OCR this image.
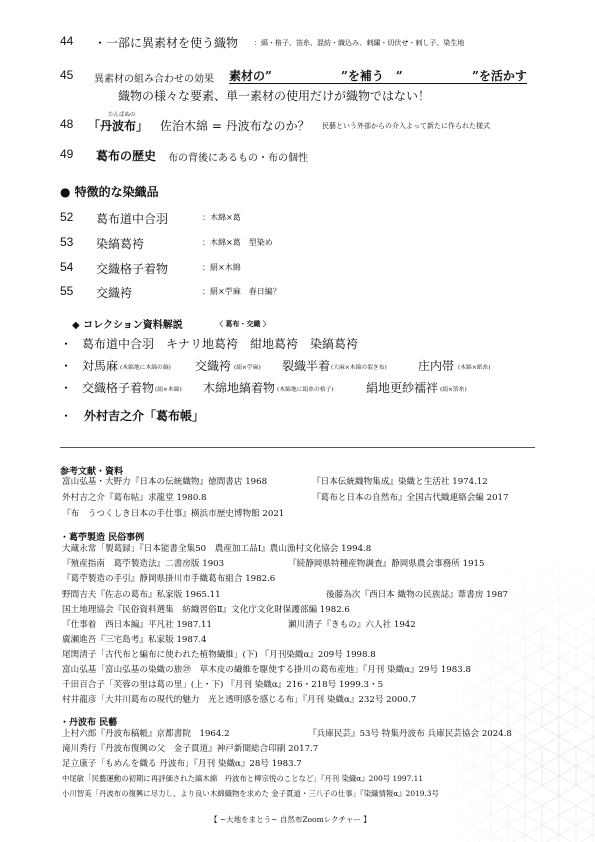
44 ・一部に異素材を使う織物 ：縞・格子、箔糸、混紡・織込み、刺繍・切伏せ・刺し子、染生地
45 異素材の組み合わせの効果 素材の”	”を補う　”	”を活かす
織物の様々な要素、単一素材の使用だけが織物ではない！
48
たんばぬの
「丹波布」 佐治木綿 = 丹波布なのか？ 民藝という外部からの介入よって新たに作られた様式
49 葛布の歴史 布の背後にあるもの・布の個性
● 特徴的な染織品
52 葛布道中合羽	：木綿×葛
53 染縞葛袴	：木綿×葛　型染め
54 交織格子着物	：絹×木綿
55 交織袴	：絹×苧麻　春日編？
◆ コレクション資料解説	〈 葛布・交織 〉
・ 葛布道中合羽　キナリ地葛袴　紺地葛袴　染縞葛袴
・ 対馬麻 (木綿地に木綿の縞) 交織袴 (絹×苧麻) 裂織半着 (大麻×木綿の裂き布)	庄内帯 (木綿×紙糸)
・ 交織格子着物 (絹×木綿) 木綿地縞着物 (木綿地に絹糸の格子)	絹地更紗襦袢 (絹×箔糸)
・ 外村吉之介「葛布帳」
参考文献・資料
富山弘基・大野力『日本の伝統織物』徳間書店 1968	『日本伝統織物集成』染織と生活社 1974.12
外村吉之介『葛布帖』求龍堂 1980.8	『葛布と日本の自然布』全国古代織連絡会編 2017
『布　うつくしき日本の手仕事』横浜市歴史博物館 2021
・葛苧製造 民俗事例
大蔵永常「製葛録」『日本能書全集50　農産加工品Ⅰ』農山漁村文化協会 1994.8
『殖産指南　葛苧製造法』二書房版 1903	『続静岡県特種産物調査』静岡県農会事務所 1915
『葛苧製造の手引』静岡県掛川市手織葛布組合 1982.6
野間吉夫『佐志の葛布』私家版 1965.11	後藤為次『西日本 織物の民族誌』葦書房 1987
国土地理協会『民俗資料選集　紡織習俗Ⅱ』文化庁文化財保護部編 1982.6
『仕事着　西日本編』平凡社 1987.11	瀬川清子『きもの』六人社 1942
廣瀬進吾『三宅島考』私家版 1987.4
尾関清子「古代布と編布に使われた植物繊維」(下) 『月刊染織α』209号 1998.8
富山弘基「富山弘基の染織の旅㉙　草木皮の繊維を駆使する掛川の葛布産地」『月刊 染織α』29号 1983.8
千田百合子「芙蓉の里は葛の里」(上・下) 『月刊 染織α』216・218号 1999.3・5
村井龍彦「大井川葛布の現代的魅力　光と透明感を感じる布」『月刊 染織α』232号 2000.7
・丹波布 民藝
上村六郎『丹波布稿帳』京都書院　1964.2	『兵庫民芸』53号 特集丹波布 兵庫民芸協会 2024.8
滝川秀行『丹波布復興の父　金子貫道』神戸新聞総合印刷 2017.7
足立康子「もめんを織る 丹波布」『月刊 染織α』28号 1983.7
中尾敏「民藝運動の初期に再評価された縞木綿　丹波布と柳宗悦のことなど」『月刊 染織α』200号 1997.11
小川智美「丹波布の復興に尽力し、より良い木綿織物を求めた 金子貫道・三八子の仕事」『染織情報α』2019.3号
【 ~大地をまとう~ 自然布Zoomレクチャー 】
